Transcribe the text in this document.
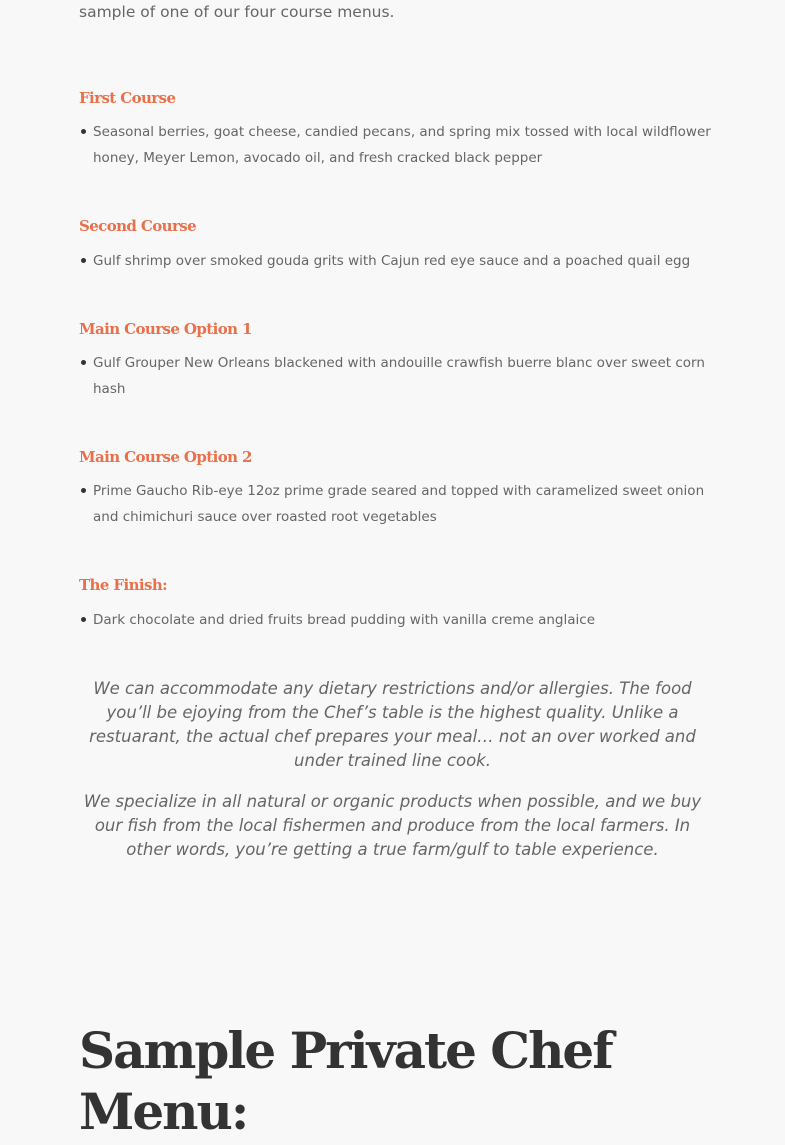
sample of one of our four course menus.

First Course
Seasonal berries, goat cheese, candied pecans, and spring mix tossed with local wildflower honey, Meyer Lemon, avocado oil, and fresh cracked black pepper
Second Course
Gulf shrimp over smoked gouda grits with Cajun red eye sauce and a poached quail egg
Main Course Option 1
Gulf Grouper New Orleans blackened with andouille crawfish buerre blanc over sweet corn hash
Main Course Option 2
Prime Gaucho Rib-eye 12oz prime grade seared and topped with caramelized sweet onion and chimichuri sauce over roasted root vegetables
The Finish:
Dark chocolate and dried fruits bread pudding with vanilla creme anglaice

We can accommodate any dietary restrictions and/or allergies. The food you’ll be ejoying from the Chef’s table is the highest quality. Unlike a restuarant, the actual chef prepares your meal… not an over worked and under trained line cook.

We specialize in all natural or organic products when possible, and we buy our fish from the local fishermen and produce from the local farmers. In other words, you’re getting a true farm/gulf to table experience.

Sample Private Chef Menu:
